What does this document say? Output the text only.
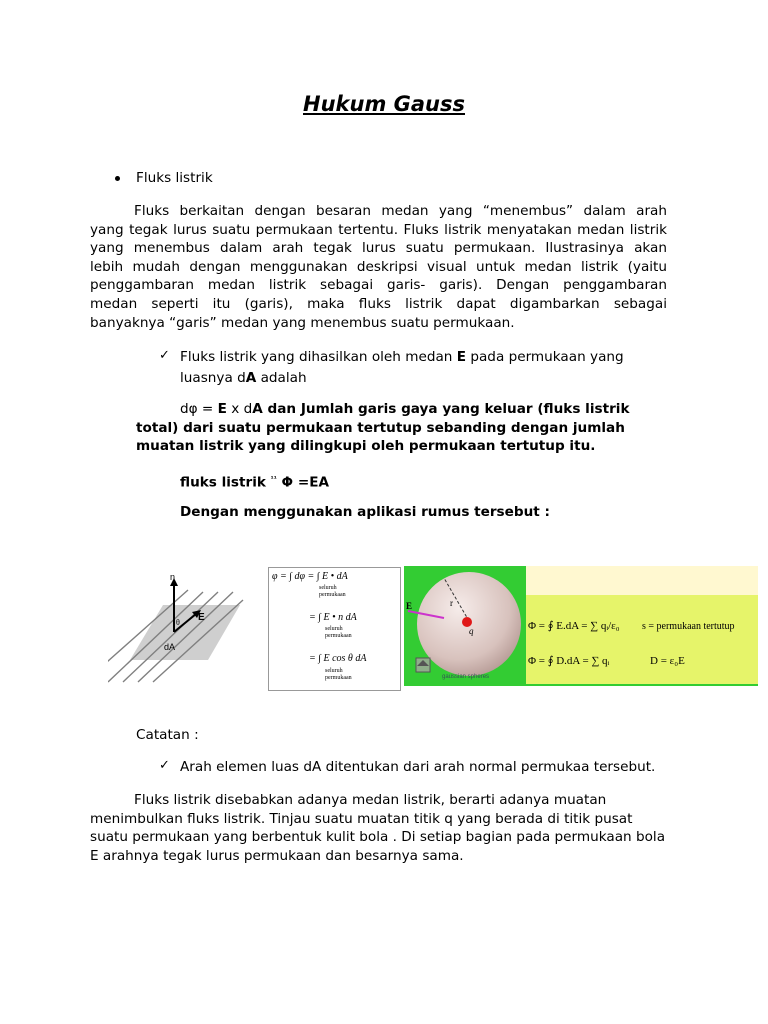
Hukum Gauss
Fluks listrik
Fluks berkaitan dengan besaran medan yang “menembus” dalam arah
yang tegak lurus suatu permukaan tertentu. Fluks listrik menyatakan medan listrik
yang menembus dalam arah tegak lurus suatu permukaan. Ilustrasinya akan
lebih mudah dengan menggunakan deskripsi visual untuk medan listrik (yaitu
penggambaran medan listrik sebagai garis- garis). Dengan penggambaran
medan seperti itu (garis), maka fluks listrik dapat digambarkan sebagai
banyaknya “garis” medan yang menembus suatu permukaan.
✓ Fluks listrik yang dihasilkan oleh medan E pada permukaan yang
luasnya dA adalah
dφ = E x dA dan Jumlah garis gaya yang keluar (fluks listrik
total) dari suatu permukaan tertutup sebanding dengan jumlah
muatan listrik yang dilingkupi oleh permukaan tertutup itu.
fluks listrik $^{^{11}}$ Φ =EA
Dengan menggunakan aplikasi rumus tersebut :
n
E
θ
dA
φ = ∫ dφ = ∫ E • dA
seluruh
permukaan
= ∫ E • n dA
seluruh
permukaan
= ∫ E cos θ dA
seluruh
permukaan
E	r
q
gaussian spheres
Φ = ∮ E.dA = ∑ qᵢ/ε₀ s = permukaan tertutup
Φ = ∮ D.dA = ∑ qᵢ	D = ε₀E
Catatan :
✓ Arah elemen luas dA ditentukan dari arah normal permukaa tersebut.
Fluks listrik disebabkan adanya medan listrik, berarti adanya muatan
menimbulkan fluks listrik. Tinjau suatu muatan titik q yang berada di titik pusat
suatu permukaan yang berbentuk kulit bola . Di setiap bagian pada permukaan bola
E arahnya tegak lurus permukaan dan besarnya sama.
